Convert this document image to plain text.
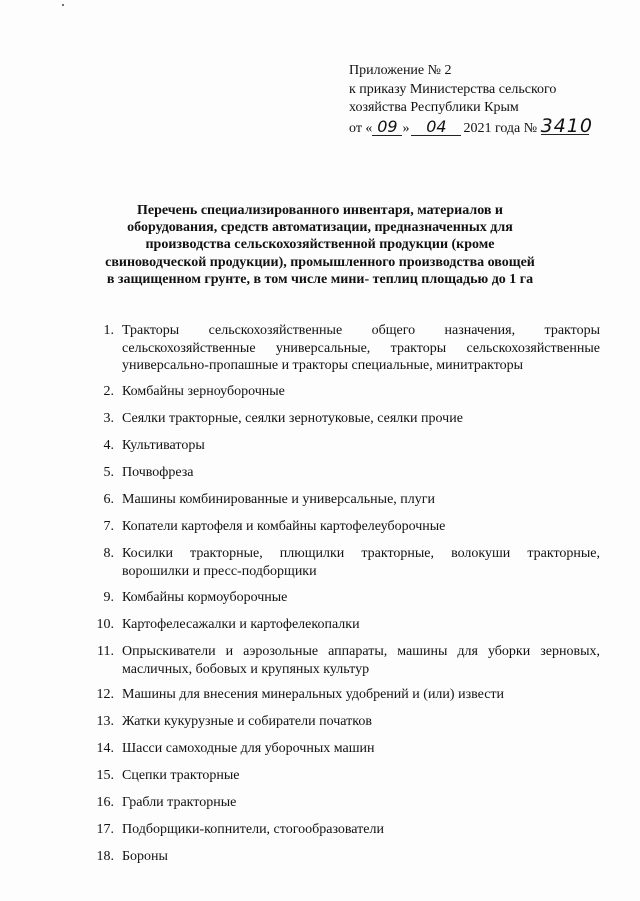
Приложение № 2
к приказу Министерства сельского
хозяйства Республики Крым
от « 09 » 04 2021 года № 3410
Перечень специализированного инвентаря, материалов и оборудования, средств автоматизации, предназначенных для производства сельскохозяйственной продукции (кроме свиноводческой продукции), промышленного производства овощей в защищенном грунте, в том числе мини- теплиц площадью до 1 га
1. Тракторы сельскохозяйственные общего назначения, тракторы сельскохозяйственные универсальные, тракторы сельскохозяйственные универсально-пропашные и тракторы специальные, минитракторы
2. Комбайны зерноуборочные
3. Сеялки тракторные, сеялки зернотуковые, сеялки прочие
4. Культиваторы
5. Почвофреза
6. Машины комбинированные и универсальные, плуги
7. Копатели картофеля и комбайны картофелеуборочные
8. Косилки тракторные, плющилки тракторные, волокуши тракторные, ворошилки и пресс-подборщики
9. Комбайны кормоуборочные
10. Картофелесажалки и картофелекопалки
11. Опрыскиватели и аэрозольные аппараты, машины для уборки зерновых, масличных, бобовых и крупяных культур
12. Машины для внесения минеральных удобрений и (или) извести
13. Жатки кукурузные и собиратели початков
14. Шасси самоходные для уборочных машин
15. Сцепки тракторные
16. Грабли тракторные
17. Подборщики-копнители, стогообразователи
18. Бороны
